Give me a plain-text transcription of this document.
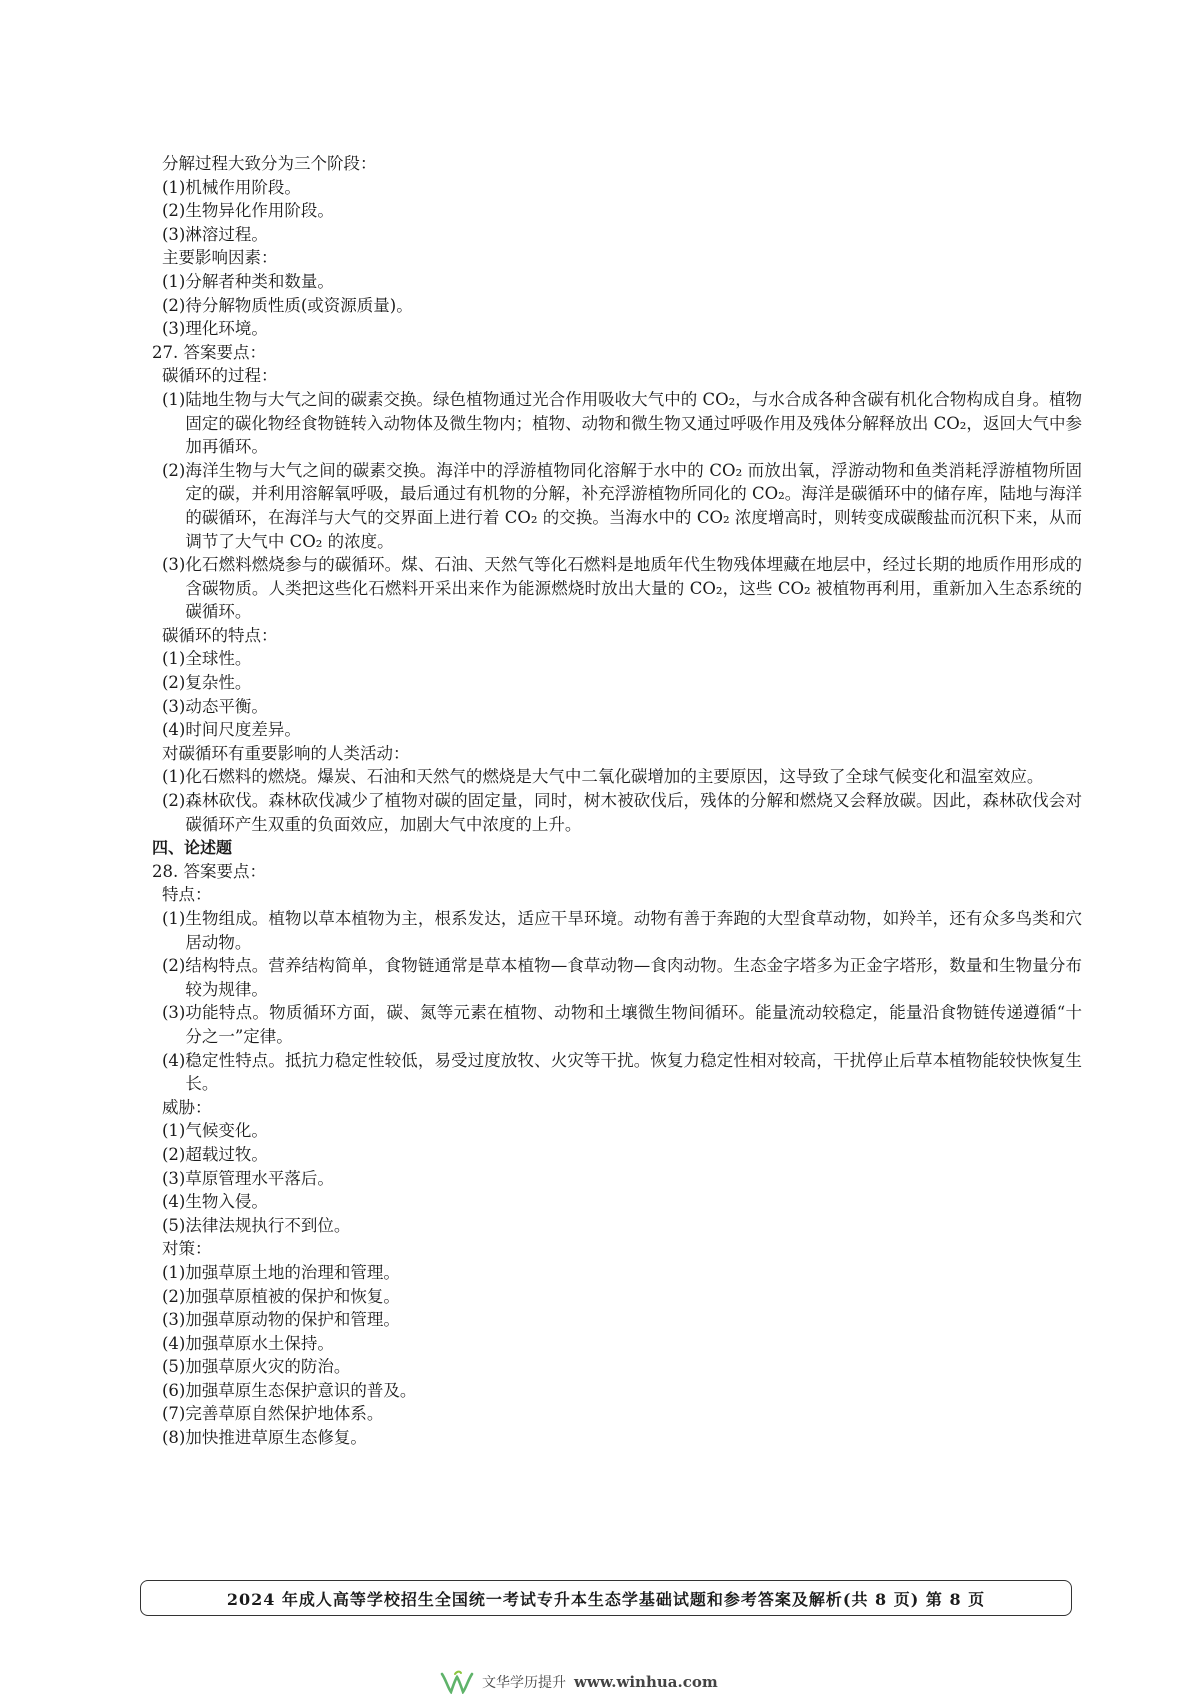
分解过程大致分为三个阶段：
(1) 机械作用阶段。
(2) 生物异化作用阶段。
(3) 淋溶过程。
主要影响因素：
(1) 分解者种类和数量。
(2) 待分解物质性质(或资源质量)。
(3) 理化环境。
27. 答案要点：
碳循环的过程：
(1) 陆地生物与大气之间的碳素交换。绿色植物通过光合作用吸收大气中的 CO₂，与水合成各种含碳有机化合物构成自身。植物固定的碳化物经食物链转入动物体及微生物内；植物、动物和微生物又通过呼吸作用及残体分解释放出 CO₂，返回大气中参加再循环。
(2) 海洋生物与大气之间的碳素交换。海洋中的浮游植物同化溶解于水中的 CO₂ 而放出氧，浮游动物和鱼类消耗浮游植物所固定的碳，并利用溶解氧呼吸，最后通过有机物的分解，补充浮游植物所同化的 CO₂。海洋是碳循环中的储存库，陆地与海洋的碳循环，在海洋与大气的交界面上进行着 CO₂ 的交换。当海水中的 CO₂ 浓度增高时，则转变成碳酸盐而沉积下来，从而调节了大气中 CO₂ 的浓度。
(3) 化石燃料燃烧参与的碳循环。煤、石油、天然气等化石燃料是地质年代生物残体埋藏在地层中，经过长期的地质作用形成的含碳物质。人类把这些化石燃料开采出来作为能源燃烧时放出大量的 CO₂，这些 CO₂ 被植物再利用，重新加入生态系统的碳循环。
碳循环的特点：
(1) 全球性。
(2) 复杂性。
(3) 动态平衡。
(4) 时间尺度差异。
对碳循环有重要影响的人类活动：
(1) 化石燃料的燃烧。爆炭、石油和天然气的燃烧是大气中二氧化碳增加的主要原因，这导致了全球气候变化和温室效应。
(2) 森林砍伐。森林砍伐减少了植物对碳的固定量，同时，树木被砍伐后，残体的分解和燃烧又会释放碳。因此，森林砍伐会对碳循环产生双重的负面效应，加剧大气中浓度的上升。
四、论述题
28. 答案要点：
特点：
(1) 生物组成。植物以草本植物为主，根系发达，适应干旱环境。动物有善于奔跑的大型食草动物，如羚羊，还有众多鸟类和穴居动物。
(2) 结构特点。营养结构简单，食物链通常是草本植物—食草动物—食肉动物。生态金字塔多为正金字塔形，数量和生物量分布较为规律。
(3) 功能特点。物质循环方面，碳、氮等元素在植物、动物和土壤微生物间循环。能量流动较稳定，能量沿食物链传递遵循“十分之一”定律。
(4) 稳定性特点。抵抗力稳定性较低，易受过度放牧、火灾等干扰。恢复力稳定性相对较高，干扰停止后草本植物能较快恢复生长。
威胁：
(1) 气候变化。
(2) 超载过牧。
(3) 草原管理水平落后。
(4) 生物入侵。
(5) 法律法规执行不到位。
对策：
(1) 加强草原土地的治理和管理。
(2) 加强草原植被的保护和恢复。
(3) 加强草原动物的保护和管理。
(4) 加强草原水土保持。
(5) 加强草原火灾的防治。
(6) 加强草原生态保护意识的普及。
(7) 完善草原自然保护地体系。
(8) 加快推进草原生态修复。
2024 年成人高等学校招生全国统一考试专升本生态学基础试题和参考答案及解析(共 8 页) 第 8 页
文华学历提升 www.winhua.com
